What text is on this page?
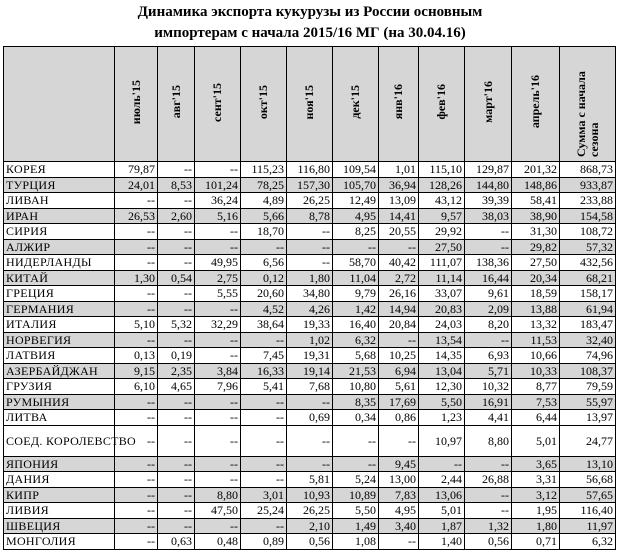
Динамика экспорта кукурузы из России основным
импортерам с начала 2015/16 МГ (на 30.04.16)
	июль'15	авг'15	сент'15	окт'15	ноя'15	дек'15	янв'16	фев'16	март'16	апрель'16	Сумма с начала сезона
КОРЕЯ	79,87	--	--	115,23	116,80	109,54	1,01	115,10	129,87	201,32	868,73
ТУРЦИЯ	24,01	8,53	101,24	78,25	157,30	105,70	36,94	128,26	144,80	148,86	933,87
ЛИВАН	--	--	36,24	4,89	26,25	12,49	13,09	43,12	39,39	58,41	233,88
ИРАН	26,53	2,60	5,16	5,66	8,78	4,95	14,41	9,57	38,03	38,90	154,58
СИРИЯ	--	--	--	18,70	--	8,25	20,55	29,92	--	31,30	108,72
АЛЖИР	--	--	--	--	--	--	--	27,50	--	29,82	57,32
НИДЕРЛАНДЫ	--	--	49,95	6,56	--	58,70	40,42	111,07	138,36	27,50	432,56
КИТАЙ	1,30	0,54	2,75	0,12	1,80	11,04	2,72	11,14	16,44	20,34	68,21
ГРЕЦИЯ	--	--	5,55	20,60	34,80	9,79	26,16	33,07	9,61	18,59	158,17
ГЕРМАНИЯ	--	--	--	4,52	4,26	1,42	14,94	20,83	2,09	13,88	61,94
ИТАЛИЯ	5,10	5,32	32,29	38,64	19,33	16,40	20,84	24,03	8,20	13,32	183,47
НОРВЕГИЯ	--	--	--	--	1,02	6,32	--	13,54	--	11,53	32,40
ЛАТВИЯ	0,13	0,19	--	7,45	19,31	5,68	10,25	14,35	6,93	10,66	74,96
АЗЕРБАЙДЖАН	9,15	2,35	3,84	16,33	19,14	21,53	6,94	13,04	5,71	10,33	108,37
ГРУЗИЯ	6,10	4,65	7,96	5,41	7,68	10,80	5,61	12,30	10,32	8,77	79,59
РУМЫНИЯ	--	--	--	--	--	8,35	17,69	5,50	16,91	7,53	55,97
ЛИТВА	--	--	--	--	0,69	0,34	0,86	1,23	4,41	6,44	13,97
СОЕД. КОРОЛЕВСТВО	--	--	--	--	--	--	--	10,97	8,80	5,01	24,77
ЯПОНИЯ	--	--	--	--	--	--	9,45	--	--	3,65	13,10
ДАНИЯ	--	--	--	--	5,81	5,24	13,00	2,44	26,88	3,31	56,68
КИПР	--	--	8,80	3,01	10,93	10,89	7,83	13,06	--	3,12	57,65
ЛИВИЯ	--	--	47,50	25,24	26,25	5,50	4,95	5,01	--	1,95	116,40
ШВЕЦИЯ	--	--	--	--	2,10	1,49	3,40	1,87	1,32	1,80	11,97
МОНГОЛИЯ	--	0,63	0,48	0,89	0,56	1,08	--	1,40	0,56	0,71	6,32
